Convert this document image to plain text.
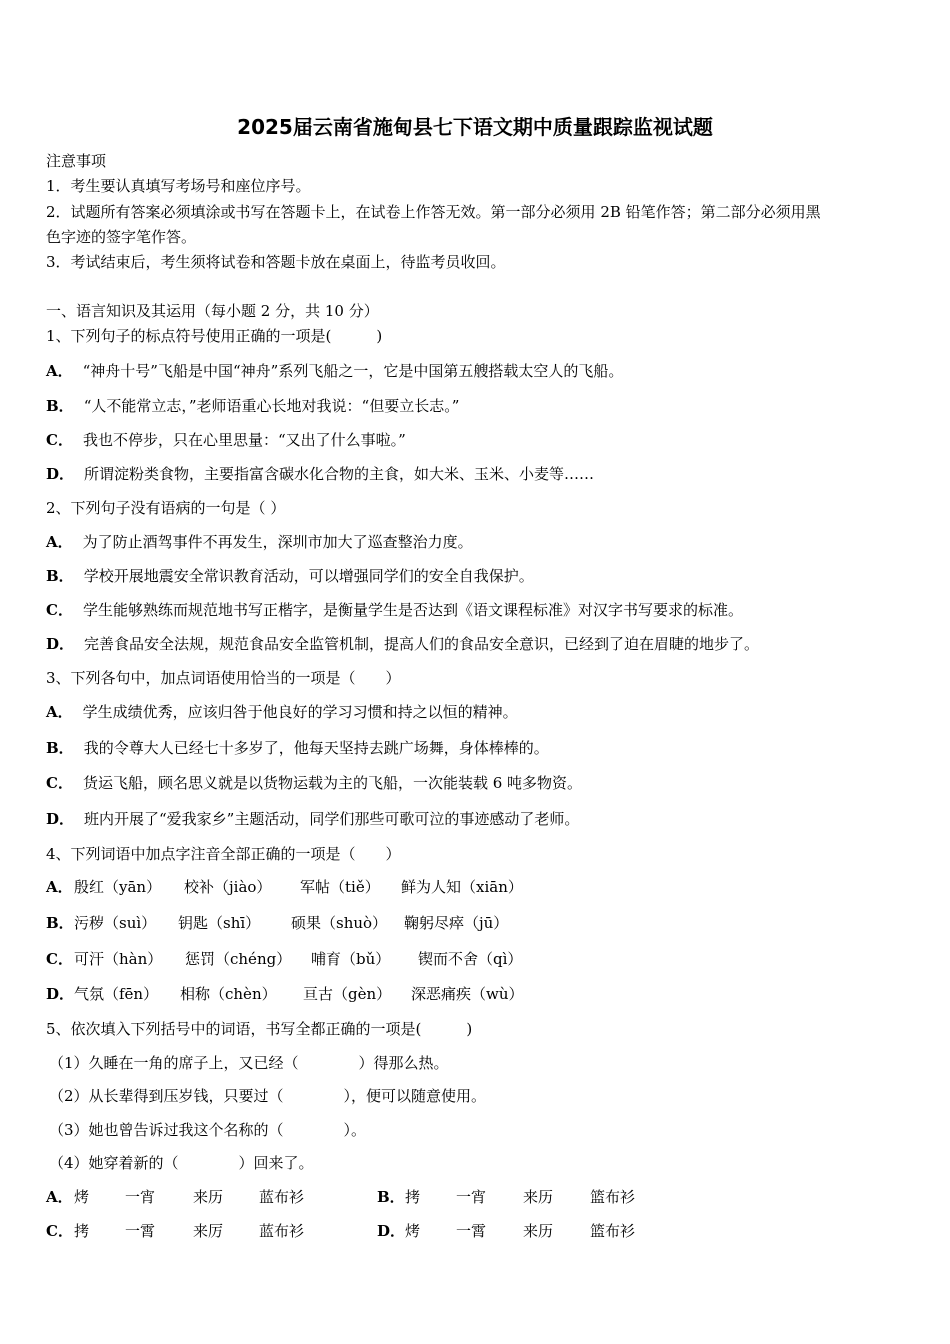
2025届云南省施甸县七下语文期中质量跟踪监视试题
注意事项
1．考生要认真填写考场号和座位序号。
2．试题所有答案必须填涂或书写在答题卡上，在试卷上作答无效。第一部分必须用 2B 铅笔作答；第二部分必须用黑
色字迹的签字笔作答。
3．考试结束后，考生须将试卷和答题卡放在桌面上，待监考员收回。
一、语言知识及其运用（每小题 2 分，共 10 分）
1、下列句子的标点符号使用正确的一项是(　　　)
A． “神舟十号”飞船是中国“神舟”系列飞船之一，它是中国第五艘搭载太空人的飞船。
B． “人不能常立志，”老师语重心长地对我说：“但要立长志。”
C． 我也不停步，只在心里思量：“又出了什么事啦。”
D． 所谓淀粉类食物，主要指富含碳水化合物的主食，如大米、玉米、小麦等……
2、下列句子没有语病的一句是（ ）
A． 为了防止酒驾事件不再发生，深圳市加大了巡查整治力度。
B． 学校开展地震安全常识教育活动，可以增强同学们的安全自我保护。
C． 学生能够熟练而规范地书写正楷字，是衡量学生是否达到《语文课程标准》对汉字书写要求的标准。
D． 完善食品安全法规，规范食品安全监管机制，提高人们的食品安全意识，已经到了迫在眉睫的地步了。
3、下列各句中，加点词语使用恰当的一项是（　　）
A． 学生成绩优秀，应该归咎于他良好的学习习惯和持之以恒的精神。
B． 我的令尊大人已经七十多岁了，他每天坚持去跳广场舞，身体棒棒的。
C． 货运飞船，顾名思义就是以货物运载为主的飞船，一次能装载 6 吨多物资。
D． 班内开展了“爱我家乡”主题活动，同学们那些可歌可泣的事迹感动了老师。
4、下列词语中加点字注音全部正确的一项是（　　）
A． 殷红（yān） 校补（jiào） 军帖（tiě） 鲜为人知（xiān）
B． 污秽（suì） 钥匙（shī） 硕果（shuò） 鞠躬尽瘁（jū）
C． 可汗（hàn） 惩罚（chéng） 哺育（bǔ） 锲而不舍（qì）
D． 气氛（fēn） 相称（chèn） 亘古（gèn） 深恶痛疾（wù）
5、依次填入下列括号中的词语，书写全都正确的一项是(　　　)
（1）久睡在一角的席子上，又已经（　　　　）得那么热。
（2）从长辈得到压岁钱，只要过（　　　　），便可以随意使用。
（3）她也曾告诉过我这个名称的（　　　　）。
（4）她穿着新的（　　　　）回来了。
A． 烤 一宵	来历 蓝布衫	B． 拷 一宵 来历 篮布衫
C． 拷 一霄	来厉 蓝布衫	D． 烤 一霄 来历 篮布衫
